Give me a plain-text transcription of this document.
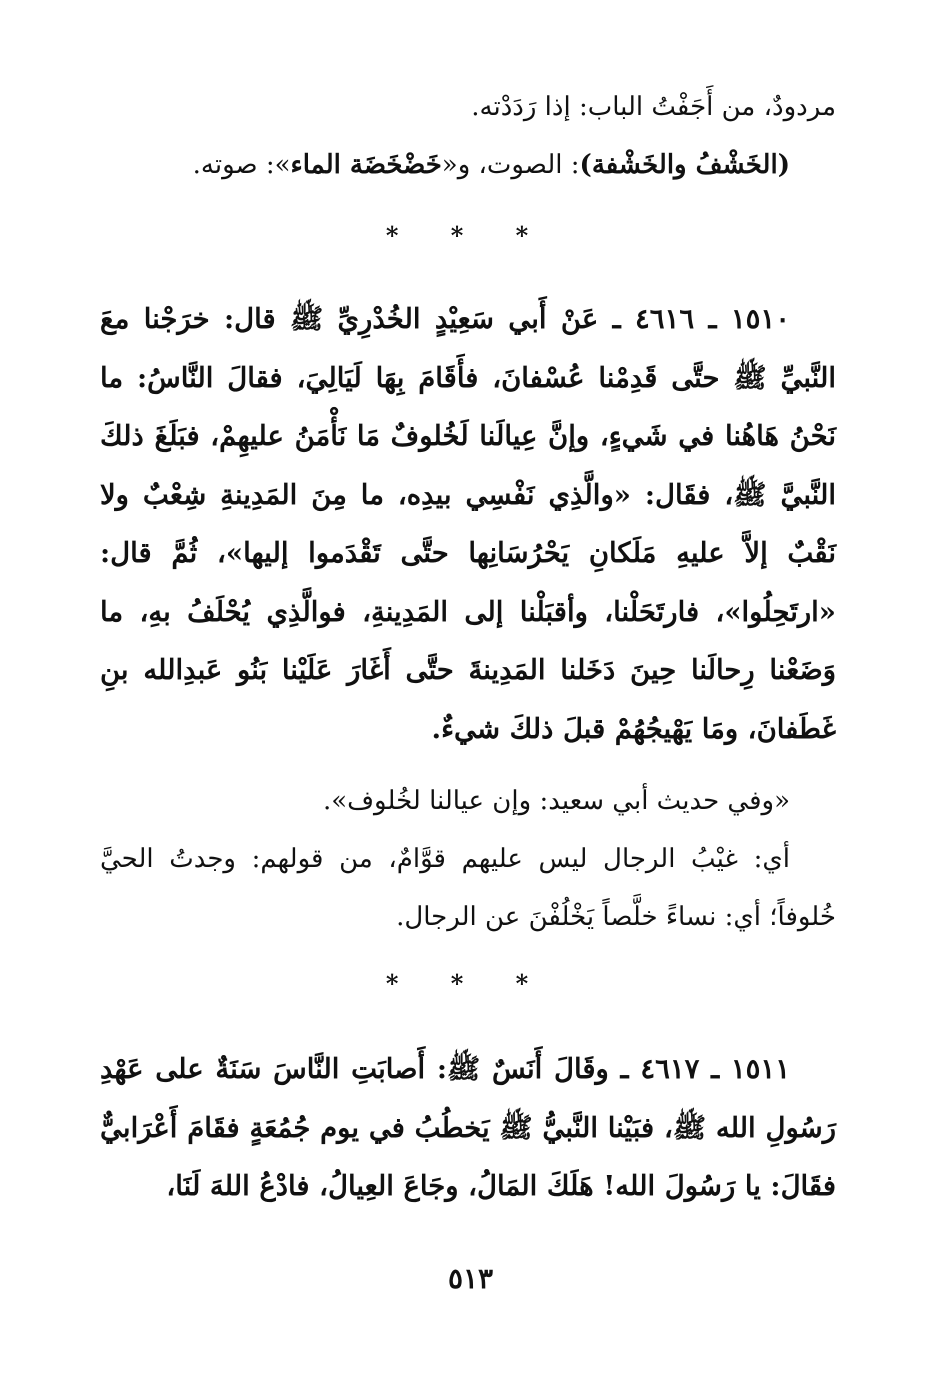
مردودٌ، من أَجَفْتُ الباب: إذا رَدَدْته.

(الخَشْفُ والخَشْفة): الصوت، و«خَضْخَضَة الماء»: صوته.

* * *

١٥١٠ ـ ٤٦١٦ ـ عَنْ أَبي سَعِيْدٍ الخُدْرِيِّ ﷺ قال: خرَجْنا معَ النَّبيِّ ﷺ حتَّى قَدِمْنا عُسْفانَ، فأَقَامَ بِهَا لَيَالِيَ، فقالَ النَّاسُ: ما نَحْنُ هَاهُنا في شَيءٍ، وإنَّ عِيالَنا لَخُلوفٌ مَا نَأْمَنُ عليهِمْ، فبَلَغَ ذلكَ النَّبيَّ ﷺ، فقَال: «والَّذِي نَفْسِي بيدِه، ما مِنَ المَدِينةِ شِعْبٌ ولا نَقْبٌ إلاَّ عليهِ مَلَكانِ يَحْرُسَانِها حتَّى تَقْدَموا إليها»، ثُمَّ قال: «ارتَحِلُوا»، فارتَحَلْنا، وأقبَلْنا إلى المَدِينةِ، فوالَّذِي يُحْلَفُ بهِ، ما وَضَعْنا رِحالَنا حِينَ دَخَلنا المَدِينةَ حتَّى أَغَارَ عَلَيْنا بَنُو عَبدِالله بنِ غَطَفانَ، ومَا يَهْيجُهُمْ قبلَ ذلكَ شيءٌ.

«وفي حديث أبي سعيد: وإن عيالنا لخُلوف».

أي: غيْبُ الرجال ليس عليهم قوَّامٌ، من قولهم: وجدتُ الحيَّ خُلوفاً؛ أي: نساءً خلَّصاً يَخْلُفْنَ عن الرجال.

* * *

١٥١١ ـ ٤٦١٧ ـ وقَالَ أَنَسٌ ﷺ: أَصابَتِ النَّاسَ سَنَةٌ على عَهْدِ رَسُولِ الله ﷺ، فبَيْنا النَّبيُّ ﷺ يَخطُبُ في يوم جُمُعَةٍ فقَامَ أَعْرَابيٌّ فقَالَ: يا رَسُولَ الله! هَلَكَ المَالُ، وجَاعَ العِيالُ، فادْعُ اللهَ لَنَا،

٥١٣
